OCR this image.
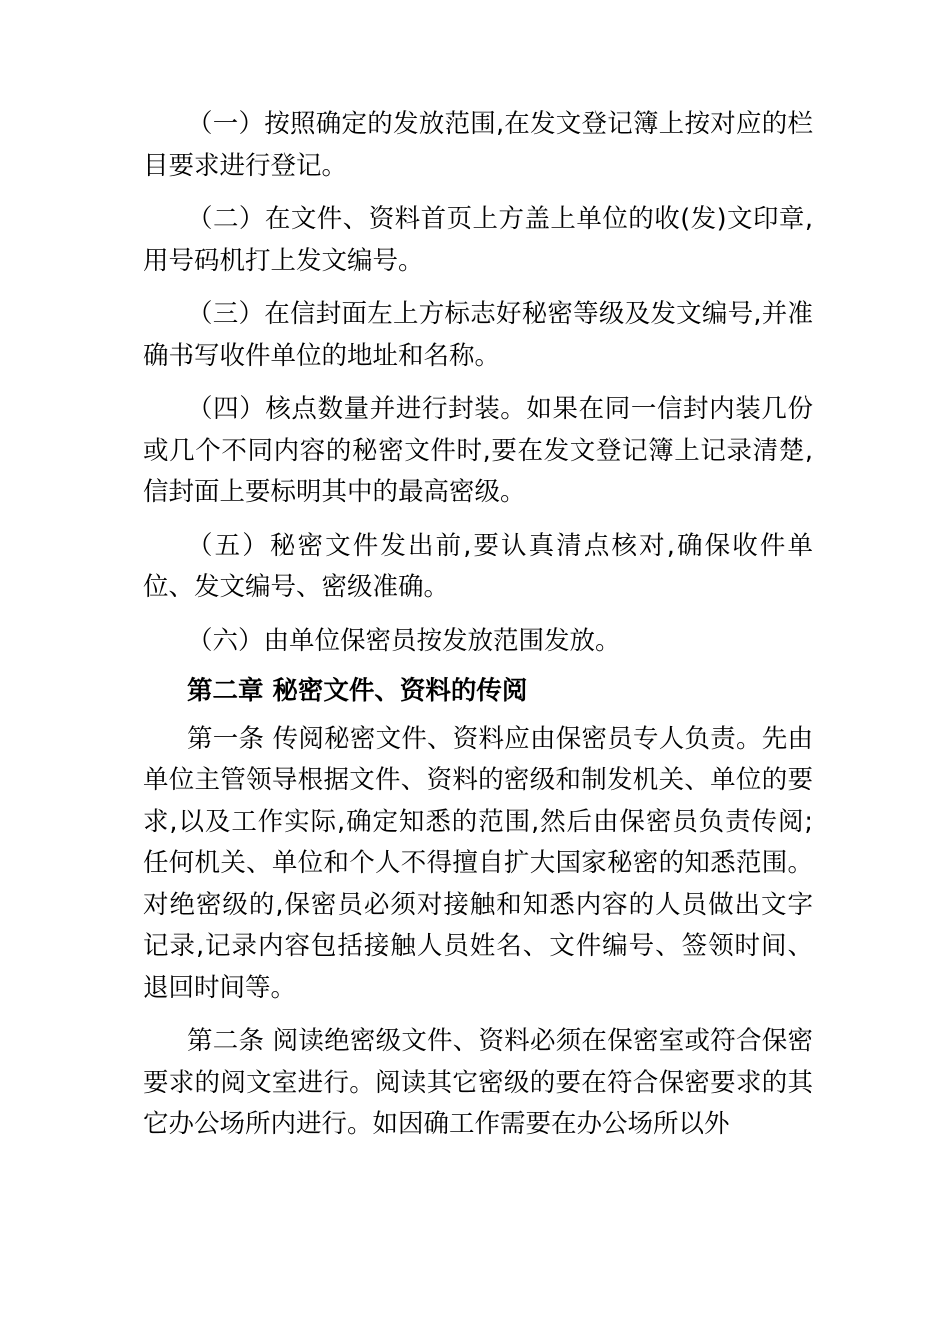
（一）按照确定的发放范围,在发文登记簿上按对应的栏目要求进行登记。

（二）在文件、资料首页上方盖上单位的收(发)文印章,用号码机打上发文编号。

（三）在信封面左上方标志好秘密等级及发文编号,并准确书写收件单位的地址和名称。

（四）核点数量并进行封装。如果在同一信封内装几份或几个不同内容的秘密文件时,要在发文登记簿上记录清楚,信封面上要标明其中的最高密级。

（五）秘密文件发出前,要认真清点核对,确保收件单位、发文编号、密级准确。

（六）由单位保密员按发放范围发放。

第二章 秘密文件、资料的传阅

第一条 传阅秘密文件、资料应由保密员专人负责。先由单位主管领导根据文件、资料的密级和制发机关、单位的要求,以及工作实际,确定知悉的范围,然后由保密员负责传阅;任何机关、单位和个人不得擅自扩大国家秘密的知悉范围。对绝密级的,保密员必须对接触和知悉内容的人员做出文字记录,记录内容包括接触人员姓名、文件编号、签领时间、退回时间等。

第二条 阅读绝密级文件、资料必须在保密室或符合保密要求的阅文室进行。阅读其它密级的要在符合保密要求的其它办公场所内进行。如因确工作需要在办公场所以外
